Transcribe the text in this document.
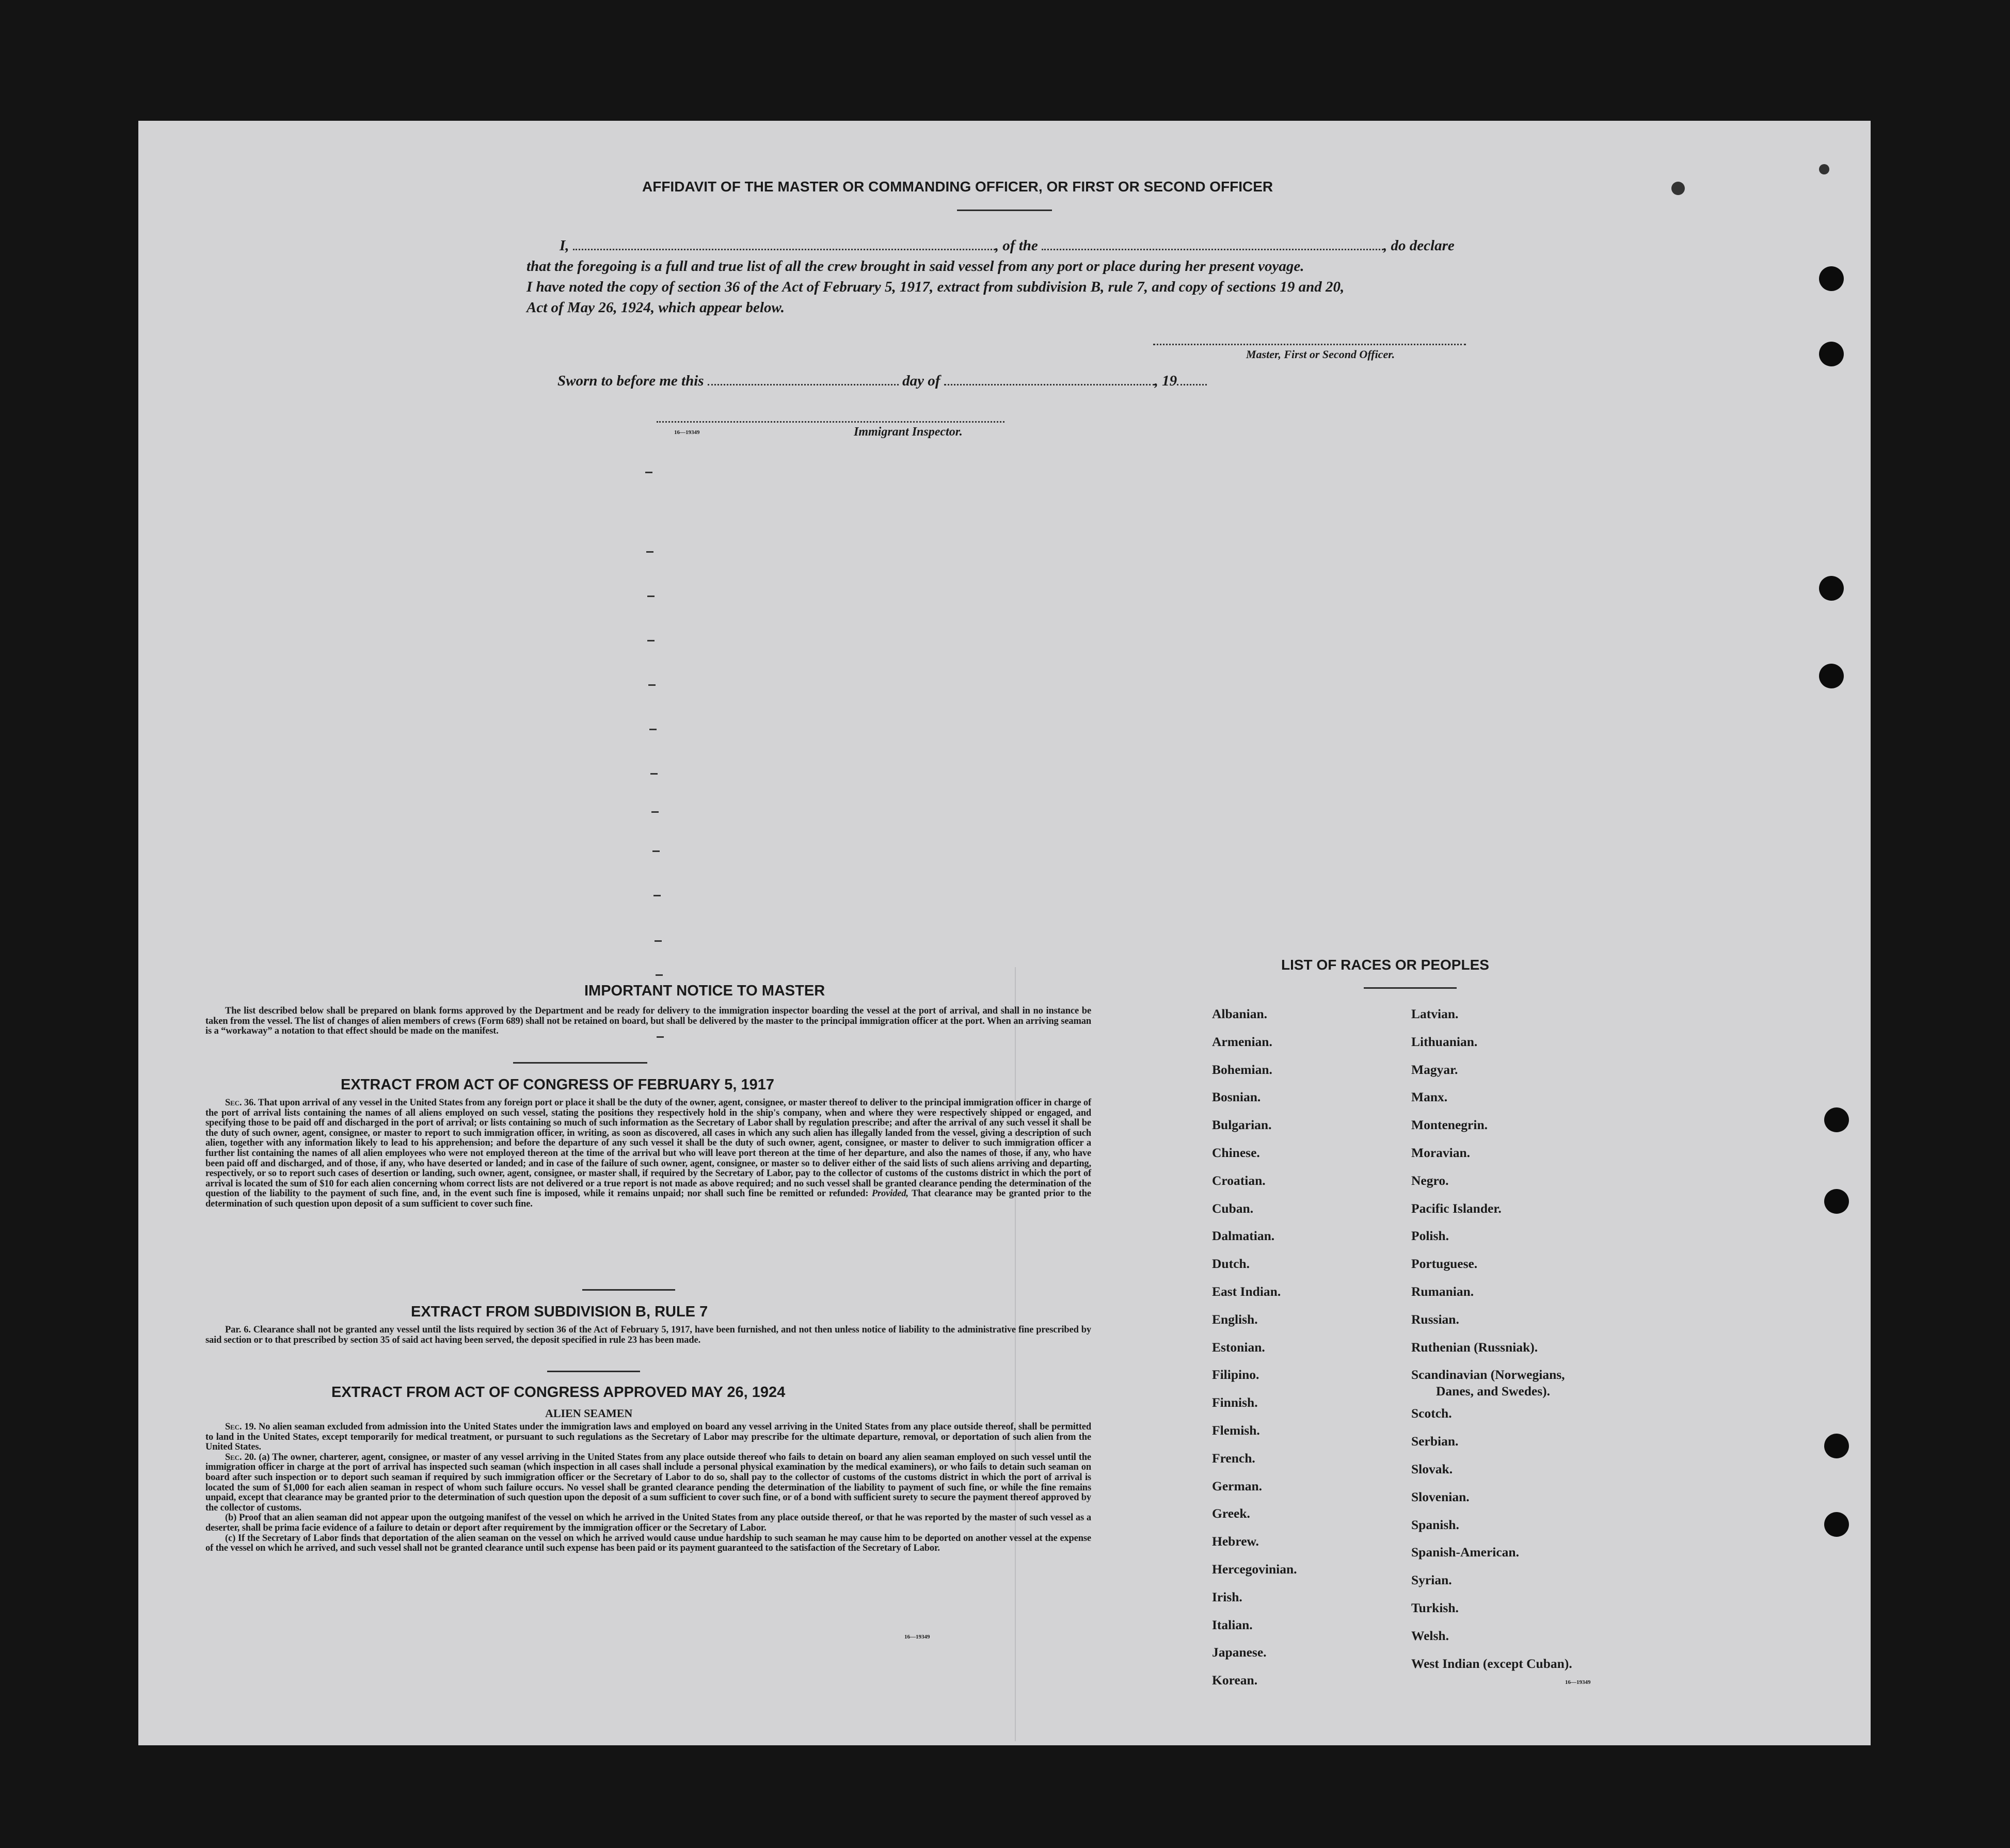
AFFIDAVIT OF THE MASTER OR COMMANDING OFFICER, OR FIRST OR SECOND OFFICER
I,	, of the	, do declare
that the foregoing is a full and true list of all the crew brought in said vessel from any port or place during her present voyage.
I have noted the copy of section 36 of the Act of February 5, 1917, extract from subdivision B, rule 7, and copy of sections 19 and 20,
Act of May 26, 1924, which appear below.
Master, First or Second Officer.
Sworn to before me this	day of	, 19
16—19349	Immigrant Inspector.
IMPORTANT NOTICE TO MASTER

The list described below shall be prepared on blank forms approved by the Department and be ready for delivery to the immigration inspector boarding the vessel at the port of arrival, and shall in no instance be taken from the vessel. The list of changes of alien members of crews (Form 689) shall not be retained on board, but shall be delivered by the master to the principal immigration officer at the port. When an arriving seaman is a “workaway” a notation to that effect should be made on the manifest.

EXTRACT FROM ACT OF CONGRESS OF FEBRUARY 5, 1917

Sec. 36. That upon arrival of any vessel in the United States from any foreign port or place it shall be the duty of the owner, agent, consignee, or master thereof to deliver to the principal immigration officer in charge of the port of arrival lists containing the names of all aliens employed on such vessel, stating the positions they respectively hold in the ship's company, when and where they were respectively shipped or engaged, and specifying those to be paid off and discharged in the port of arrival; or lists containing so much of such information as the Secretary of Labor shall by regulation prescribe; and after the arrival of any such vessel it shall be the duty of such owner, agent, consignee, or master to report to such immigration officer, in writing, as soon as discovered, all cases in which any such alien has illegally landed from the vessel, giving a description of such alien, together with any information likely to lead to his apprehension; and before the departure of any such vessel it shall be the duty of such owner, agent, consignee, or master to deliver to such immigration officer a further list containing the names of all alien employees who were not employed thereon at the time of the arrival but who will leave port thereon at the time of her departure, and also the names of those, if any, who have been paid off and discharged, and of those, if any, who have deserted or landed; and in case of the failure of such owner, agent, consignee, or master so to deliver either of the said lists of such aliens arriving and departing, respectively, or so to report such cases of desertion or landing, such owner, agent, consignee, or master shall, if required by the Secretary of Labor, pay to the collector of customs of the customs district in which the port of arrival is located the sum of $10 for each alien concerning whom correct lists are not delivered or a true report is not made as above required; and no such vessel shall be granted clearance pending the determination of the question of the liability to the payment of such fine, and, in the event such fine is imposed, while it remains unpaid; nor shall such fine be remitted or refunded: Provided, That clearance may be granted prior to the determination of such question upon deposit of a sum sufficient to cover such fine.

EXTRACT FROM SUBDIVISION B, RULE 7

Par. 6. Clearance shall not be granted any vessel until the lists required by section 36 of the Act of February 5, 1917, have been furnished, and not then unless notice of liability to the administrative fine prescribed by said section or to that prescribed by section 35 of said act having been served, the deposit specified in rule 23 has been made.

EXTRACT FROM ACT OF CONGRESS APPROVED MAY 26, 1924
ALIEN SEAMEN

Sec. 19. No alien seaman excluded from admission into the United States under the immigration laws and employed on board any vessel arriving in the United States from any place outside thereof, shall be permitted to land in the United States, except temporarily for medical treatment, or pursuant to such regulations as the Secretary of Labor may prescribe for the ultimate departure, removal, or deportation of such alien from the United States.

Sec. 20. (a) The owner, charterer, agent, consignee, or master of any vessel arriving in the United States from any place outside thereof who fails to detain on board any alien seaman employed on such vessel until the immigration officer in charge at the port of arrival has inspected such seaman (which inspection in all cases shall include a personal physical examination by the medical examiners), or who fails to detain such seaman on board after such inspection or to deport such seaman if required by such immigration officer or the Secretary of Labor to do so, shall pay to the collector of customs of the customs district in which the port of arrival is located the sum of $1,000 for each alien seaman in respect of whom such failure occurs. No vessel shall be granted clearance pending the determination of the liability to payment of such fine, or while the fine remains unpaid, except that clearance may be granted prior to the determination of such question upon the deposit of a sum sufficient to cover such fine, or of a bond with sufficient surety to secure the payment thereof approved by the collector of customs.

(b) Proof that an alien seaman did not appear upon the outgoing manifest of the vessel on which he arrived in the United States from any place outside thereof, or that he was reported by the master of such vessel as a deserter, shall be prima facie evidence of a failure to detain or deport after requirement by the immigration officer or the Secretary of Labor.

(c) If the Secretary of Labor finds that deportation of the alien seaman on the vessel on which he arrived would cause undue hardship to such seaman he may cause him to be deported on another vessel at the expense of the vessel on which he arrived, and such vessel shall not be granted clearance until such expense has been paid or its payment guaranteed to the satisfaction of the Secretary of Labor.

16—19349
LIST OF RACES OR PEOPLES
Albanian.
Armenian.
Bohemian.
Bosnian.
Bulgarian.
Chinese.
Croatian.
Cuban.
Dalmatian.
Dutch.
East Indian.
English.
Estonian.
Filipino.
Finnish.
Flemish.
French.
German.
Greek.
Hebrew.
Hercegovinian.
Irish.
Italian.
Japanese.
Korean.
Latvian.
Lithuanian.
Magyar.
Manx.
Montenegrin.
Moravian.
Negro.
Pacific Islander.
Polish.
Portuguese.
Rumanian.
Russian.
Ruthenian (Russniak).
Scandinavian (Norwegians,
Danes, and Swedes).
Scotch.
Serbian.
Slovak.
Slovenian.
Spanish.
Spanish-American.
Syrian.
Turkish.
Welsh.
West Indian (except Cuban).
16—19349
